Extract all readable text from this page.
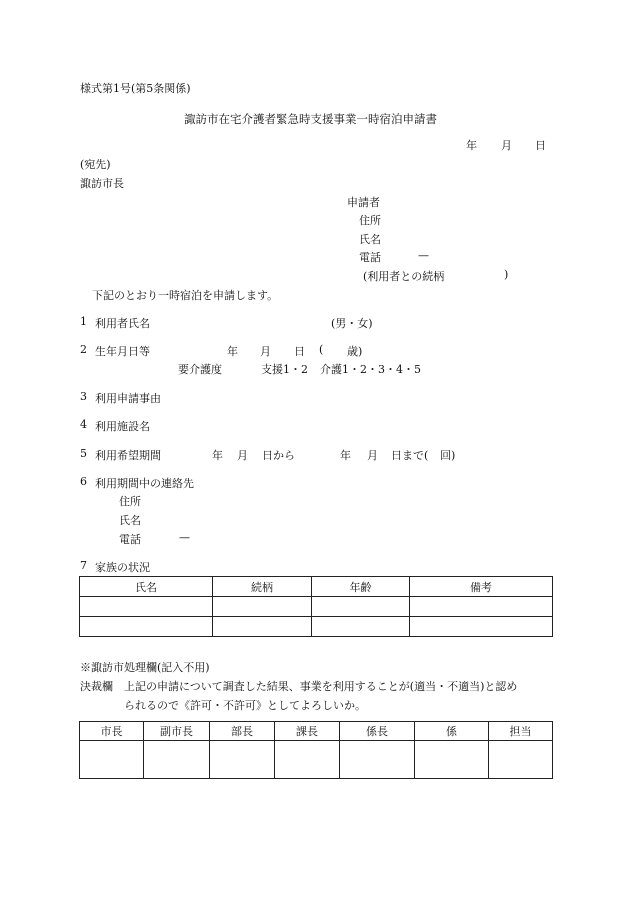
様式第1号(第5条関係)
諏訪市在宅介護者緊急時支援事業一時宿泊申請書
年 月 日
(宛先)
諏訪市長
申請者
住所
氏名
電話	—
(利用者との続柄	)
下記のとおり一時宿泊を申請します。
1 利用者氏名	(男・女)
2 生年月日等	年 月 日 ( 歳)
要介護度	支援1・2 介護1・2・3・4・5
3 利用申請事由
4 利用施設名
5 利用希望期間	年 月 日から	年 月 日まで( 回)
6 利用期間中の連絡先
住所
氏名
電話	—
7 家族の状況
氏名	続柄	年齢	備考

※諏訪市処理欄(記入不用)
決裁欄 上記の申請について調査した結果、事業を利用することが(適当・不適当)と認め
られるので《許可・不許可》としてよろしいか。
市長	副市長	部長	課長	係長	係	担当
